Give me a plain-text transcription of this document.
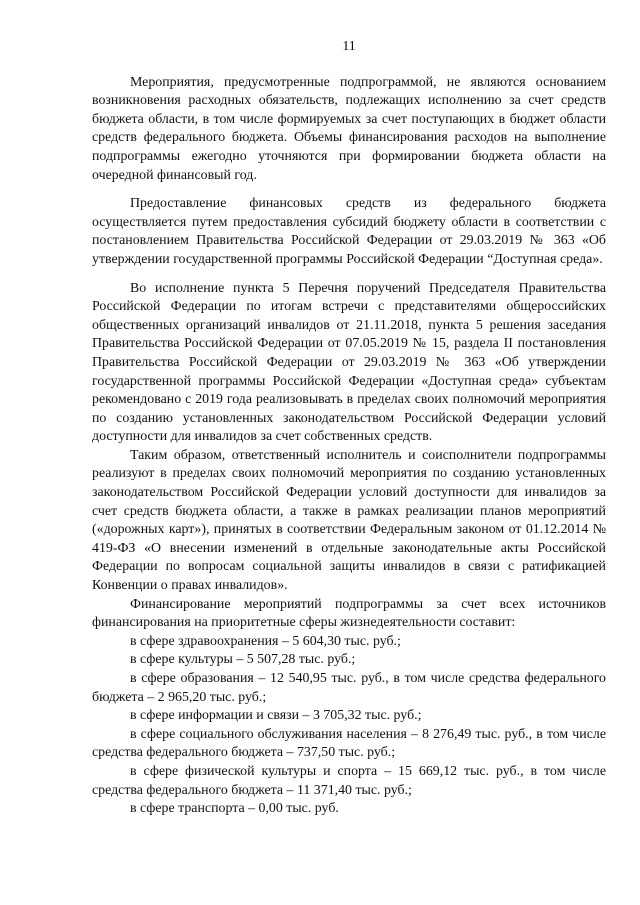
11

Мероприятия, предусмотренные подпрограммой, не являются основанием возникновения расходных обязательств, подлежащих исполнению за счет средств бюджета области, в том числе формируемых за счет поступающих в бюджет области средств федерального бюджета. Объемы финансирования расходов на выполнение подпрограммы ежегодно уточняются при формировании бюджета области на очередной финансовый год.

Предоставление финансовых средств из федерального бюджета осуществляется путем предоставления субсидий бюджету области в соответствии с постановлением Правительства Российской Федерации от 29.03.2019 № 363 «Об утверждении государственной программы Российской Федерации “Доступная среда».

Во исполнение пункта 5 Перечня поручений Председателя Правительства Российской Федерации по итогам встречи с представителями общероссийских общественных организаций инвалидов от 21.11.2018, пункта 5 решения заседания Правительства Российской Федерации от 07.05.2019 № 15, раздела II постановления Правительства Российской Федерации от 29.03.2019 № 363 «Об утверждении государственной программы Российской Федерации «Доступная среда» субъектам рекомендовано с 2019 года реализовывать в пределах своих полномочий мероприятия по созданию установленных законодательством Российской Федерации условий доступности для инвалидов за счет собственных средств.

Таким образом, ответственный исполнитель и соисполнители подпрограммы реализуют в пределах своих полномочий мероприятия по созданию установленных законодательством Российской Федерации условий доступности для инвалидов за счет средств бюджета области, а также в рамках реализации планов мероприятий («дорожных карт»), принятых в соответствии Федеральным законом от 01.12.2014 № 419-ФЗ «О внесении изменений в отдельные законодательные акты Российской Федерации по вопросам социальной защиты инвалидов в связи с ратификацией Конвенции о правах инвалидов».

Финансирование мероприятий подпрограммы за счет всех источников финансирования на приоритетные сферы жизнедеятельности составит:

в сфере здравоохранения – 5 604,30 тыс. руб.;

в сфере культуры – 5 507,28 тыс. руб.;

в сфере образования – 12 540,95 тыс. руб., в том числе средства федерального бюджета – 2 965,20 тыс. руб.;

в сфере информации и связи – 3 705,32 тыс. руб.;

в сфере социального обслуживания населения – 8 276,49 тыс. руб., в том числе средства федерального бюджета – 737,50 тыс. руб.;

в сфере физической культуры и спорта – 15 669,12 тыс. руб., в том числе средства федерального бюджета – 11 371,40 тыс. руб.;

в сфере транспорта – 0,00 тыс. руб.
